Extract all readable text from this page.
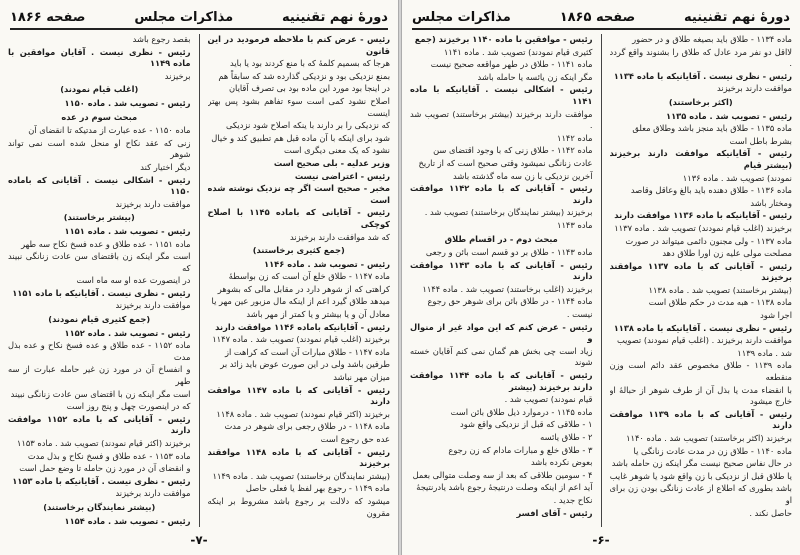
صفحه ۱۸۶۶	مذاکرات مجلس	دورهٔ نهم تقنینیه

رئیس - عرض کنم با ملاحظه فرمودید در این قانون

هرجا که بسمیم کلمهٔ که با منع کردند بود یا باید

بمنع نزدیکی بود و نزدیکی گذارده شد که سابقاً هم

در اینجا بود مورد این ماده بود بی تصرف آقایان

اصلاح نشود کمی است سوء تفاهم بشود پس بهتر اینست

که نزدیکی را بر دارند با ینکه اصلاح شود نزدیکی

شود برای اینکه با آن ماده قبل هم تطبیق کند و خیال

نشود که یک معنی دیگری است

وزیر عدلیه - بلی صحیح است

رئیس - اعتراضی نیست

مخبر - صحیح است اگر چه نزدیک نوشته شده است

رئیس - آقایانی که باماده ۱۱۴۵ با اصلاح کوچکی

که شد موافقت دارند برخیزند

(جمع کثیری برخاستند)

رئیس - تصویب شد . ماده ۱۱۴۶

ماده ۱۱۴۷ - طلاق خلع آن است که زن بواسطهٔ

کراهتی که از شوهر دارد در مقابل مالی که بشوهر

میدهد طلاق گیرد اعم از اینکه مال مزبور عین مهر یا

معادل آن و یا بیشتر و یا کمتر از مهر باشد

رئیس - آقایانیکه باماده ۱۱۴۶ موافقت دارند

برخیزند (اغلب قیام نمودند) تصویب شد . ماده ۱۱۴۷

ماده ۱۱۴۷ - طلاق مبارات آن است که کراهت از

طرفین باشد ولی در این صورت عوض باید زائد بر

میزان مهر نباشد

رئیس - آقایانی که با ماده ۱۱۴۷ موافقت دارند

برخیزند (اکثر قیام نمودند) تصویب شد . ماده ۱۱۴۸

ماده ۱۱۴۸ - در طلاق رجعی برای شوهر در مدت

عده حق رجوع است

رئیس - آقایانی که با ماده ۱۱۴۸ موافقند برخیزند

(بیشتر نمایندگان برخاستند) تصویب شد . ماده ۱۱۴۹

ماده ۱۱۴۹ - رجوع بهر لفظ یا فعلی حاصل

میشود که دلالت بر رجوع باشد مشروط بر اینکه مقرون

بقصد رجوع باشد

رئیس - نظری نیست . آقایان موافقین با ماده ۱۱۴۹

برخیزند

(اغلب قیام نمودند)

رئیس - تصویب شد . ماده ۱۱۵۰

مبحث سوم در عده

ماده ۱۱۵۰ - عده عبارت از مدتیکه تا انقضای آن

زنی که عقد نکاح او منحل شده است نمی تواند شوهر

دیگر اختیار کند

رئیس - اشکالی نیست . آقایانی که باماده ۱۱۵۰

موافقت دارند برخیزند

(بیشتر برخاستند)

رئیس - تصویب شد . ماده ۱۱۵۱

ماده ۱۱۵۱ - عده طلاق و عده فسخ نکاح سه طهر

است مگر اینکه زن باقتضای سن عادت زنانگی نبیند که

در اینصورت عده او سه ماه است

رئیس - نظری نیست . آقایانیکه با ماده ۱۱۵۱

موافقت دارند برخیزند

(جمع کثیری قیام نمودند)

رئیس - تصویب شد . ماده ۱۱۵۲

ماده ۱۱۵۲ - عده طلاق و عده فسخ نکاح و عده بذل مدت

و انفساخ آن در مورد زن غیر حامله عبارت از سه طهر

است مگر اینکه زن با اقتضای سن عادت زنانگی نبیند

که در اینصورت چهل و پنج روز است

رئیس - آقایانی که با ماده ۱۱۵۲ موافقت دارند

برخیزند (اکثر قیام نمودند) تصویب شد . ماده ۱۱۵۳

ماده ۱۱۵۳ - عده طلاق و فسخ نکاح و بذل مدت

و انقضای آن در مورد زن حامله تا وضع حمل است

رئیس - نظری نیست . آقایانیکه با ماده ۱۱۵۳

موافقت دارند برخیزند

(بیشتر نمایندگان برخاستند)

رئیس - تصویب شد . ماده ۱۱۵۴

-۷-
مذاکرات مجلس	صفحه ۱۸۶۵	دورهٔ نهم تقنینیه

ماده ۱۱۳۴ - طلاق باید بصیغه طلاق و در حضور

لااقل دو نفر مرد عادل که طلاق را بشنوند واقع گردد .

رئیس - نظری نیست . آقایانیکه با ماده ۱۱۳۴

موافقت دارند برخیزند

(اکثر برخاستند)

رئیس - تصویب شد . ماده ۱۱۳۵

ماده ۱۱۳۵ - طلاق باید منجز باشد وطلاق معلق

بشرط باطل است

رئیس - آقایانیکه موافقت دارند برخیزند (بیشتر قیام

نمودند) تصویب شد . ماده ۱۱۳۶

ماده ۱۱۳۶ - طلاق دهنده باید بالغ وعاقل وقاصد

ومختار باشد

رئیس - آقایانیکه با ماده ۱۱۳۶ موافقت دارند

برخیزند (اغلب قیام نمودند) تصویب شد . ماده ۱۱۳۷

ماده ۱۱۳۷ - ولی مجنون دائمی میتواند در صورت

مصلحت مولی علیه زن اورا طلاق دهد

رئیس - آقایانی که با ماده ۱۱۳۷ موافقند برخیزند

(بیشتر برخاستند) تصویب شد . ماده ۱۱۳۸

ماده ۱۱۳۸ - هبه مدت در حکم طلاق است

اجرا شود

رئیس - نظری نیست . آقایانیکه با ماده ۱۱۳۸

موافقت دارند برخیزند . (اغلب قیام نمودند) تصویب

شد . ماده ۱۱۳۹

ماده ۱۱۳۹ - طلاق مخصوص عقد دائم است وزن منقطعه

با انقضاء مدت یا بذل آن از طرف شوهر از حبالهٔ او خارج میشود

رئیس - آقایانی که با ماده ۱۱۳۹ موافقت دارند

برخیزند (اکثر برخاستند) تصویب شد . ماده ۱۱۴۰

ماده ۱۱۴۰ - طلاق زن در مدت عادت زنانگی یا

در حال نفاس صحیح نیست مگر اینکه زن حامله باشد

یا طلاق قبل از نزدیکی با زن واقع شود یا شوهر غایب

باشد بطوری که اطلاع از عادت زنانگی بودن زن برای او

حاصل نکند .

رئیس - موافقین با ماده ۱۱۴۰ برخیزند (جمع

کثیری قیام نمودند) تصویب شد . ماده ۱۱۴۱

ماده ۱۱۴۱ - طلاق در طهر مواقعه صحیح نیست

مگر اینکه زن یائسه یا حامله باشد

رئیس - اشکالی نیست . آقایانیکه با ماده ۱۱۴۱

موافقت دارند برخیزند (بیشتر برخاستند) تصویب شد .

ماده ۱۱۴۲

ماده ۱۱۴۲ - طلاق زنی که با وجود اقتضای سن

عادت زنانگی نمیشود وقتی صحیح است که از تاریخ

آخرین نزدیکی با زن سه ماه گذشته باشد

رئیس - آقایانی که با ماده ۱۱۴۲ موافقت دارند

برخیزند (بیشتر نمایندگان برخاستند) تصویب شد .

ماده ۱۱۴۳

مبحث دوم - در اقسام طلاق

ماده ۱۱۴۳ - طلاق بر دو قسم است بائن و رجعی

رئیس - آقایانی که با ماده ۱۱۴۳ موافقت دارند

برخیزند (اغلب برخاستند) تصویب شد . ماده ۱۱۴۴

ماده ۱۱۴۴ - در طلاق بائن برای شوهر حق رجوع

نیست .

رئیس - عرض کنم که این مواد غیر از منوال و

زیاد است چی بخش هم گمان نمی کنم آقایان خسته شوند

رئیس - آقایانی که با ماده ۱۱۴۴ موافقت دارند برخیزند (بیشتر

قیام نمودند) تصویب شد .

ماده ۱۱۴۵ - درموارد ذیل طلاق بائن است

۱ - طلاقی که قبل از نزدیکی واقع شود

۲ - طلاق یائسه

۳ - طلاق خلع و مبارات مادام که زن رجوع

بعوض نکرده باشد

۴ - سومین طلاقی که بعد از سه وصلت متوالی بعمل

آید اعم از اینکه وصلت درنتیجهٔ رجوع باشد یادرنتیجهٔ

نکاح جدید .

رئیس - آقای افسر

-۶-
